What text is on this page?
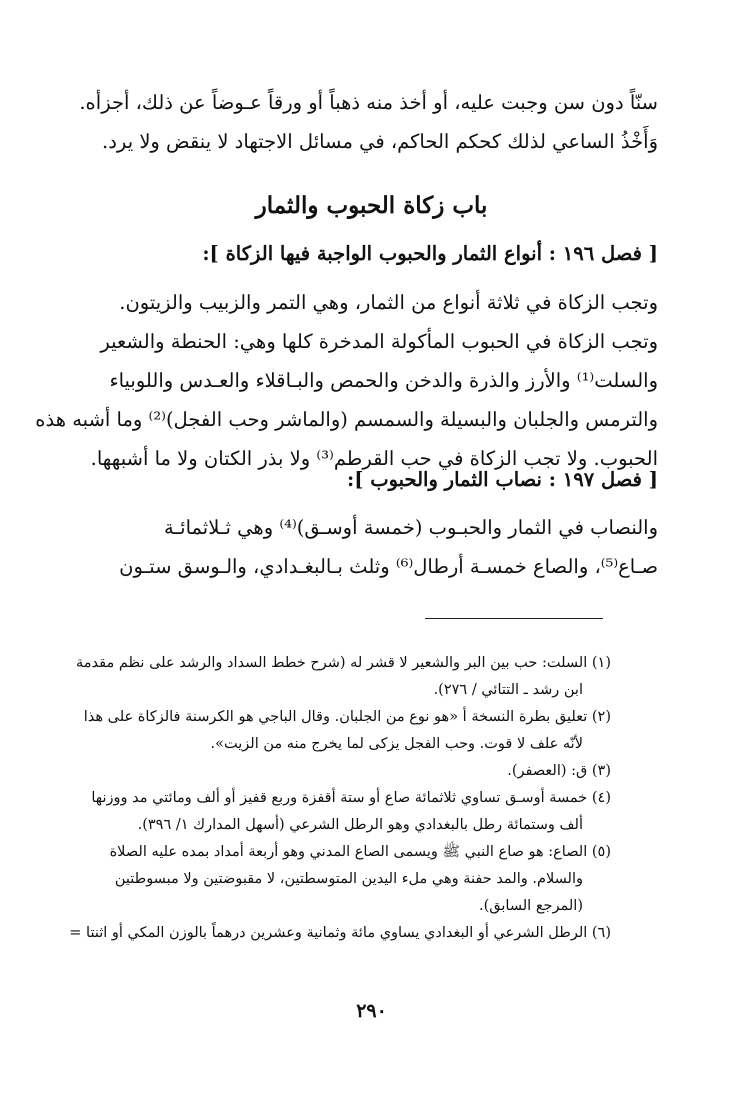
سنّاً دون سن وجبت عليه، أو أخذ منه ذهباً أو ورقاً عـوضاً عن ذلك، أجزأه.
وَأَخْذُ الساعي لذلك كحكم الحاكم، في مسائل الاجتهاد لا ينقض ولا يرد.
باب زكاة الحبوب والثمار
[ فصل ١٩٦ : أنواع الثمار والحبوب الواجبة فيها الزكاة ]:
وتجب الزكاة في ثلاثة أنواع من الثمار، وهي التمر والزبيب والزيتون.
وتجب الزكاة في الحبوب المأكولة المدخرة كلها وهي: الحنطة والشعير
والسلت⁽¹⁾ والأرز والذرة والدخن والحمص والبـاقلاء والعـدس واللوبياء
والترمس والجلبان والبسيلة والسمسم (والماشر وحب الفجل)⁽²⁾ وما أشبه هذه
الحبوب. ولا تجب الزكاة في حب القرطم⁽³⁾ ولا بذر الكتان ولا ما أشبهها.
[ فصل ١٩٧ : نصاب الثمار والحبوب ]:
والنصاب في الثمار والحبـوب (خمسة أوسـق)⁽⁴⁾ وهي ثـلاثمائـة
صـاع⁽⁵⁾، والصاع خمسـة أرطال⁽⁶⁾ وثلث بـالبغـدادي، والـوسق ستـون
(١) السلت: حب بين البر والشعير لا قشر له (شرح خطط السداد والرشد على نظم مقدمة
ابن رشد ـ التتائي / ٢٧٦).
(٢) تعليق بطرة النسخة أ «هو نوع من الجلبان. وقال الباجي هو الكرسنة فالزكاة على هذا
لأنّه علف لا قوت. وحب الفجل يزكى لما يخرج منه من الزيت».
(٣) ق: (العصفر).
(٤) خمسة أوسـق تساوي ثلاثمائة صاع أو ستة أقفزة وربع قفيز أو ألف ومائتي مد ووزنها
ألف وستمائة رطل بالبغدادي وهو الرطل الشرعي (أسهل المدارك ١/ ٣٩٦).
(٥) الصاع: هو صاع النبي ﷺ ويسمى الصاع المدني وهو أربعة أمداد بمده عليه الصلاة
والسلام. والمد حفنة وهي ملء اليدين المتوسطتين، لا مقبوضتين ولا مبسوطتين
(المرجع السابق).
(٦) الرطل الشرعي أو البغدادي يساوي مائة وثمانية وعشرين درهماً بالوزن المكي أو اثنتا =
٢٩٠
